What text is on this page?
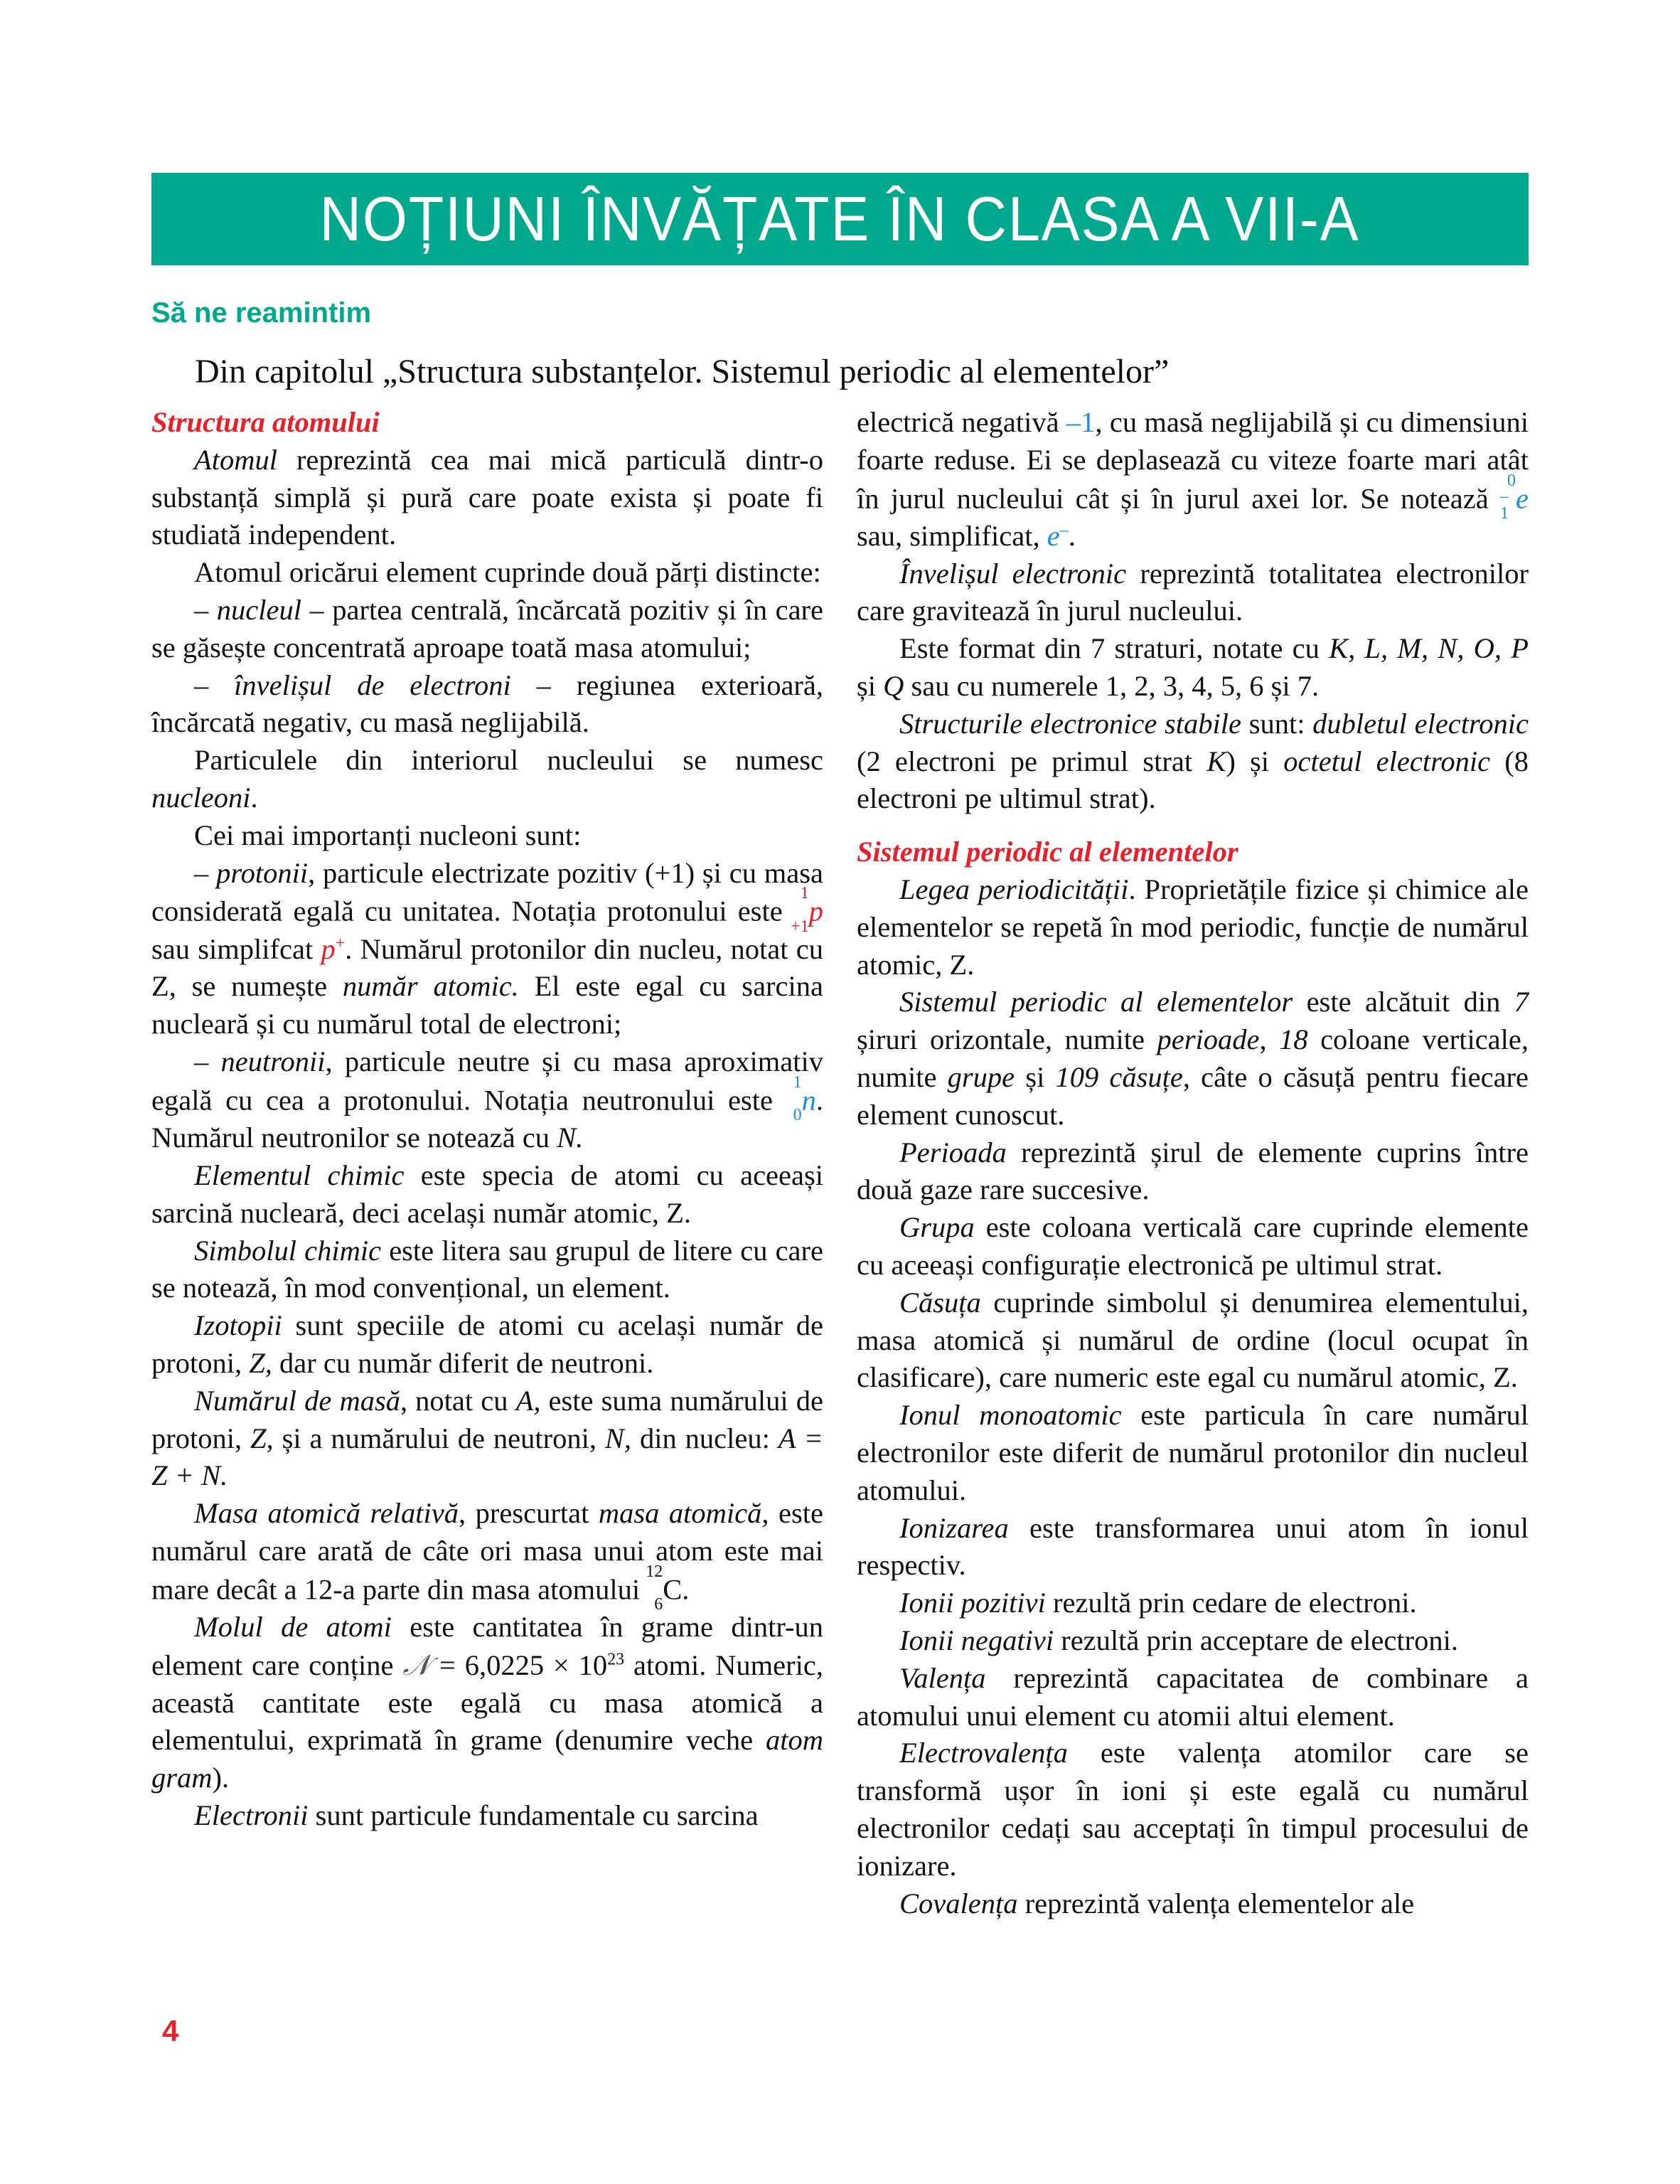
NOȚIUNI ÎNVĂȚATE ÎN CLASA A VII-A
Să ne reamintim
Din capitolul „Structura substanțelor. Sistemul periodic al elementelor”

Structura atomului

Atomul reprezintă cea mai mică particulă dintr-o substanță simplă și pură care poate exista și poate fi studiată independent.

Atomul oricărui element cuprinde două părți distincte:

– nucleul – partea centrală, încărcată pozitiv și în care se găsește concentrată aproape toată masa atomului;

– învelișul de electroni – regiunea exterioară, încărcată negativ, cu masă neglijabilă.

Particulele din interiorul nucleului se numesc nucleoni.

Cei mai importanți nucleoni sunt:

– protonii, particule electrizate pozitiv (+1) și cu masa considerată egală cu unitatea. Notația protonului este
1
+1 p sau simplifcat p+. Numărul protonilor din nucleu, notat cu Z, se numește număr atomic. El este egal cu sarcina nucleară și cu numărul total de electroni;

– neutronii, particule neutre și cu masa aproximativ egală cu cea a protonului. Notația neutronului este
1
0 n. Numărul neutronilor se notează cu N.

Elementul chimic este specia de atomi cu aceeași sarcină nucleară, deci același număr atomic, Z.

Simbolul chimic este litera sau grupul de litere cu care se notează, în mod convențional, un element.

Izotopii sunt speciile de atomi cu același număr de protoni, Z, dar cu număr diferit de neutroni.

Numărul de masă, notat cu A, este suma numărului de protoni, Z, și a numărului de neutroni, N, din nucleu: A = Z + N.

Masa atomică relativă, prescurtat masa atomică, este numărul care arată de câte ori masa unui atom este mai mare decât a 12-a parte din masa atomului
12
6 C.

Molul de atomi este cantitatea în grame dintr-un element care conține 𝒩 = $6,0225 \times 10^{23}$ atomi. Numeric, această cantitate este egală cu masa atomică a elementului, exprimată în grame (denumire veche atom gram).

Electronii sunt particule fundamentale cu sarcina

electrică negativă –1, cu masă neglijabilă și cu dimensiuni foarte reduse. Ei se deplasează cu viteze foarte mari atât în jurul nucleului cât și în jurul axei lor. Se notează
0
–1 e sau, simplificat, e–.

Învelișul electronic reprezintă totalitatea electronilor care gravitează în jurul nucleului.

Este format din 7 straturi, notate cu K, L, M, N, O, P și Q sau cu numerele 1, 2, 3, 4, 5, 6 și 7.

Structurile electronice stabile sunt: dubletul electronic (2 electroni pe primul strat K) și octetul electronic (8 electroni pe ultimul strat).

Sistemul periodic al elementelor

Legea periodicității. Proprietățile fizice și chimice ale elementelor se repetă în mod periodic, funcție de numărul atomic, Z.

Sistemul periodic al elementelor este alcătuit din 7 șiruri orizontale, numite perioade, 18 coloane verticale, numite grupe și 109 căsuțe, câte o căsuță pentru fiecare element cunoscut.

Perioada reprezintă șirul de elemente cuprins între două gaze rare succesive.

Grupa este coloana verticală care cuprinde elemente cu aceeași configurație electronică pe ultimul strat.

Căsuța cuprinde simbolul și denumirea elementului, masa atomică și numărul de ordine (locul ocupat în clasificare), care numeric este egal cu numărul atomic, Z.

Ionul monoatomic este particula în care numărul electronilor este diferit de numărul protonilor din nucleul atomului.

Ionizarea este transformarea unui atom în ionul respectiv.

Ionii pozitivi rezultă prin cedare de electroni.

Ionii negativi rezultă prin acceptare de electroni.

Valența reprezintă capacitatea de combinare a atomului unui element cu atomii altui element.

Electrovalența este valența atomilor care se transformă ușor în ioni și este egală cu numărul electronilor cedați sau acceptați în timpul procesului de ionizare.

Covalența reprezintă valența elementelor ale

4
